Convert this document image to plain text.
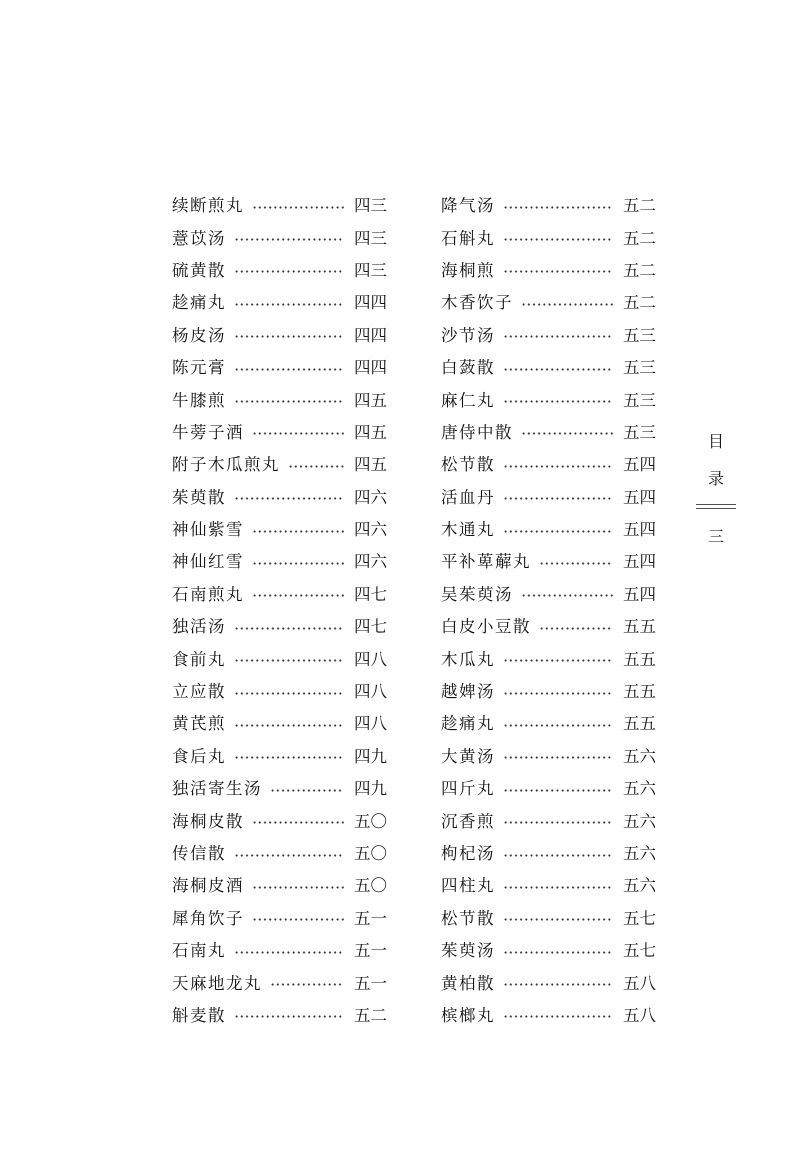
续断煎丸	四三
薏苡汤	四三
硫黄散	四三
趁痛丸	四四
杨皮汤	四四
陈元膏	四四
牛膝煎	四五
牛蒡子酒	四五
附子木瓜煎丸	四五
茱萸散	四六
神仙紫雪	四六
神仙红雪	四六
石南煎丸	四七
独活汤	四七
食前丸	四八
立应散	四八
黄芪煎	四八
食后丸	四九
独活寄生汤	四九
海桐皮散	五〇
传信散	五〇
海桐皮酒	五〇
犀角饮子	五一
石南丸	五一
天麻地龙丸	五一
斛麦散	五二
降气汤	五二
石斛丸	五二
海桐煎	五二
木香饮子	五二
沙节汤	五三
白蔹散	五三
麻仁丸	五三
唐侍中散	五三
松节散	五四
活血丹	五四
木通丸	五四
平补萆薢丸	五四
吴茱萸汤	五四
白皮小豆散	五五
木瓜丸	五五
越婢汤	五五
趁痛丸	五五
大黄汤	五六
四斤丸	五六
沉香煎	五六
枸杞汤	五六
四柱丸	五六
松节散	五七
茱萸汤	五七
黄柏散	五八
槟榔丸	五八
目
录
三
